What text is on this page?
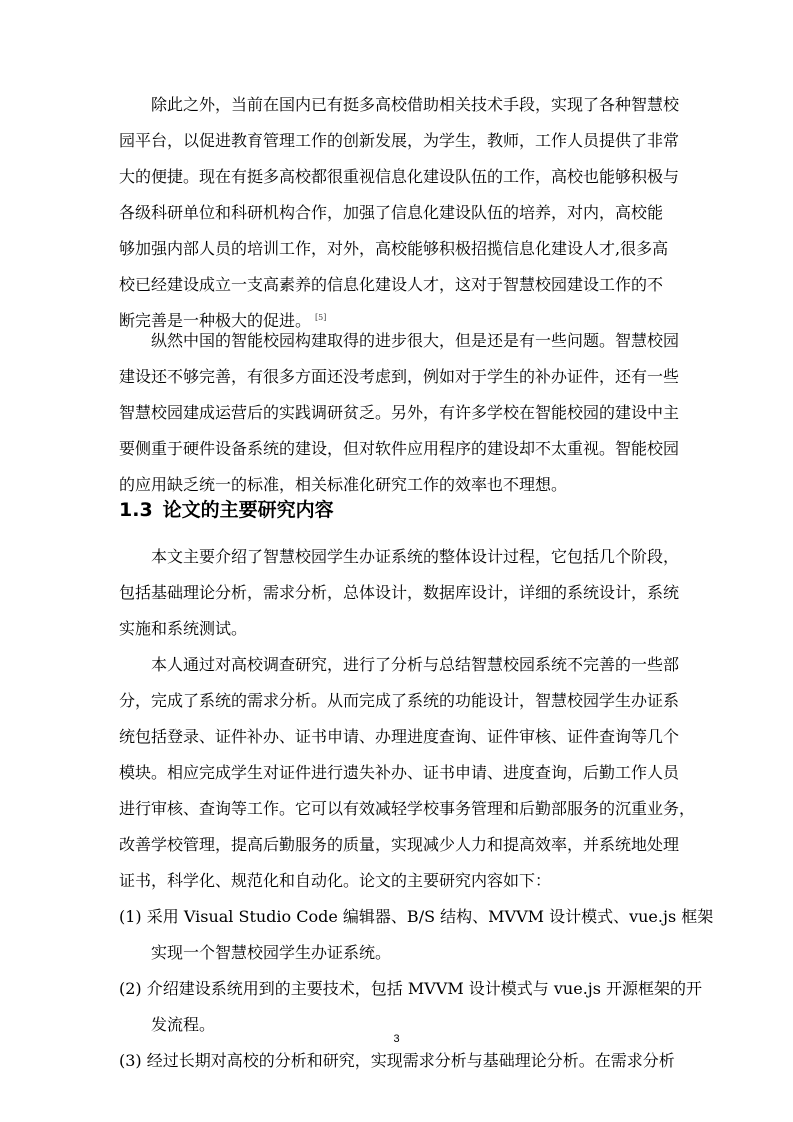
除此之外，当前在国内已有挺多高校借助相关技术手段，实现了各种智慧校
园平台，以促进教育管理工作的创新发展，为学生，教师，工作人员提供了非常
大的便捷。现在有挺多高校都很重视信息化建设队伍的工作，高校也能够积极与
各级科研单位和科研机构合作，加强了信息化建设队伍的培养，对内，高校能
够加强内部人员的培训工作，对外，高校能够积极招揽信息化建设人才,很多高
校已经建设成立一支高素养的信息化建设人才，这对于智慧校园建设工作的不
断完善是一种极大的促进。 [5]
纵然中国的智能校园构建取得的进步很大，但是还是有一些问题。智慧校园
建设还不够完善，有很多方面还没考虑到，例如对于学生的补办证件，还有一些
智慧校园建成运营后的实践调研贫乏。另外，有许多学校在智能校园的建设中主
要侧重于硬件设备系统的建设，但对软件应用程序的建设却不太重视。智能校园
的应用缺乏统一的标准，相关标准化研究工作的效率也不理想。
1.3 论文的主要研究内容
本文主要介绍了智慧校园学生办证系统的整体设计过程，它包括几个阶段，
包括基础理论分析，需求分析，总体设计，数据库设计，详细的系统设计，系统
实施和系统测试。
本人通过对高校调查研究，进行了分析与总结智慧校园系统不完善的一些部
分，完成了系统的需求分析。从而完成了系统的功能设计，智慧校园学生办证系
统包括登录、证件补办、证书申请、办理进度查询、证件审核、证件查询等几个
模块。相应完成学生对证件进行遗失补办、证书申请、进度查询，后勤工作人员
进行审核、查询等工作。它可以有效减轻学校事务管理和后勤部服务的沉重业务，
改善学校管理，提高后勤服务的质量，实现减少人力和提高效率，并系统地处理
证书，科学化、规范化和自动化。论文的主要研究内容如下：
(1) 采用 Visual Studio Code 编辑器、B/S 结构、MVVM 设计模式、vue.js 框架
实现一个智慧校园学生办证系统。
(2) 介绍建设系统用到的主要技术，包括 MVVM 设计模式与 vue.js 开源框架的开
发流程。
(3) 经过长期对高校的分析和研究，实现需求分析与基础理论分析。在需求分析
3
